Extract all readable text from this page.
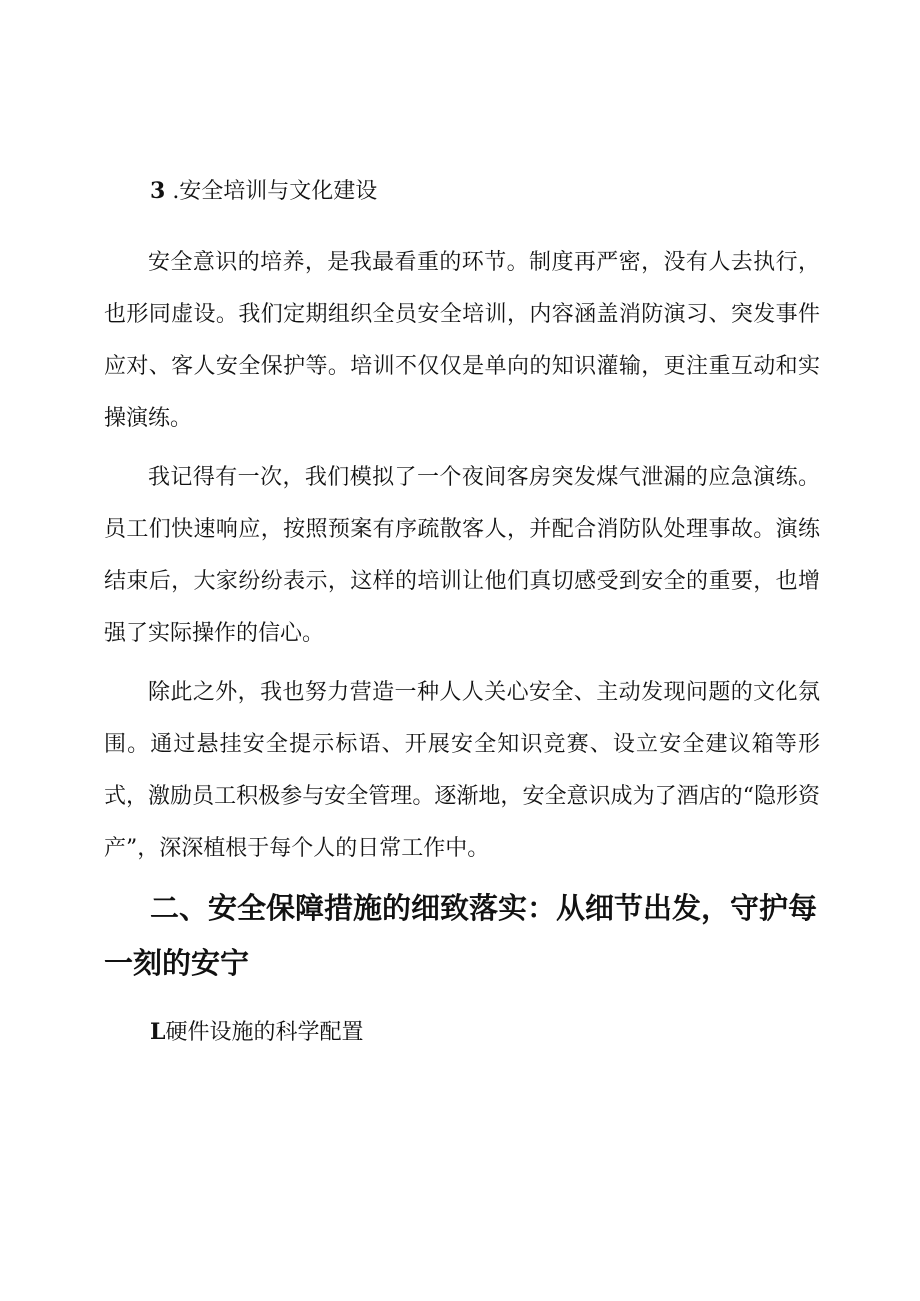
3 .安全培训与文化建设

安全意识的培养，是我最看重的环节。制度再严密，没有人去执行，也形同虚设。我们定期组织全员安全培训，内容涵盖消防演习、突发事件应对、客人安全保护等。培训不仅仅是单向的知识灌输，更注重互动和实操演练。

我记得有一次，我们模拟了一个夜间客房突发煤气泄漏的应急演练。员工们快速响应，按照预案有序疏散客人，并配合消防队处理事故。演练结束后，大家纷纷表示，这样的培训让他们真切感受到安全的重要，也增强了实际操作的信心。

除此之外，我也努力营造一种人人关心安全、主动发现问题的文化氛围。通过悬挂安全提示标语、开展安全知识竞赛、设立安全建议箱等形式，激励员工积极参与安全管理。逐渐地，安全意识成为了酒店的“隐形资产”，深深植根于每个人的日常工作中。

二、安全保障措施的细致落实：从细节出发，守护每一刻的安宁
L硬件设施的科学配置
